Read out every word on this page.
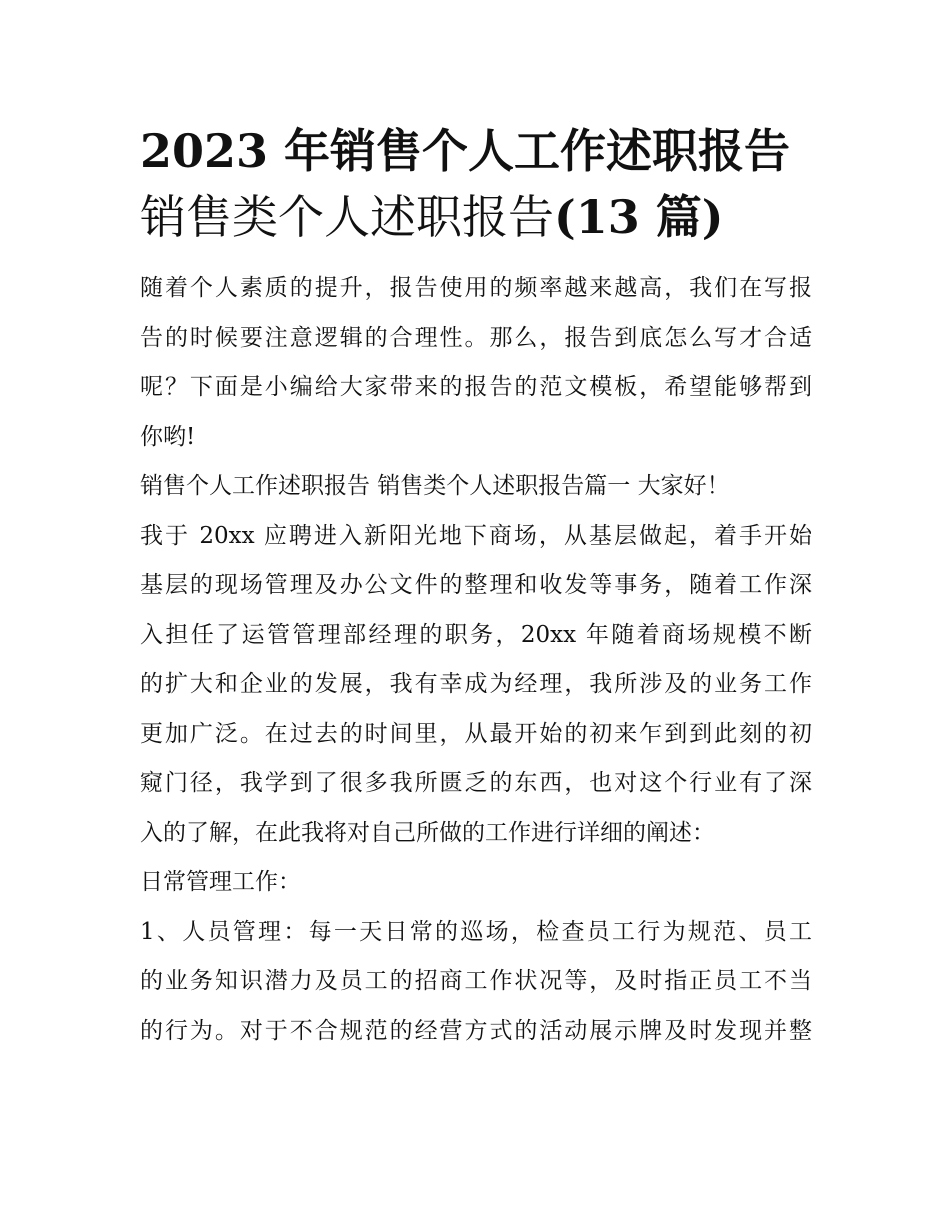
2023 年销售个人工作述职报告
销售类个人述职报告(13 篇)

随着个人素质的提升，报告使用的频率越来越高，我们在写报
告的时候要注意逻辑的合理性。那么，报告到底怎么写才合适
呢？下面是小编给大家带来的报告的范文模板，希望能够帮到
你哟!

销售个人工作述职报告 销售类个人述职报告篇一 大家好！

我于 20xx 应聘进入新阳光地下商场，从基层做起，着手开始
基层的现场管理及办公文件的整理和收发等事务，随着工作深
入担任了运管管理部经理的职务，20xx 年随着商场规模不断
的扩大和企业的发展，我有幸成为经理，我所涉及的业务工作
更加广泛。在过去的时间里，从最开始的初来乍到到此刻的初
窥门径，我学到了很多我所匮乏的东西，也对这个行业有了深
入的了解，在此我将对自己所做的工作进行详细的阐述：

日常管理工作：

1、人员管理：每一天日常的巡场，检查员工行为规范、员工
的业务知识潜力及员工的招商工作状况等，及时指正员工不当
的行为。对于不合规范的经营方式的活动展示牌及时发现并整
